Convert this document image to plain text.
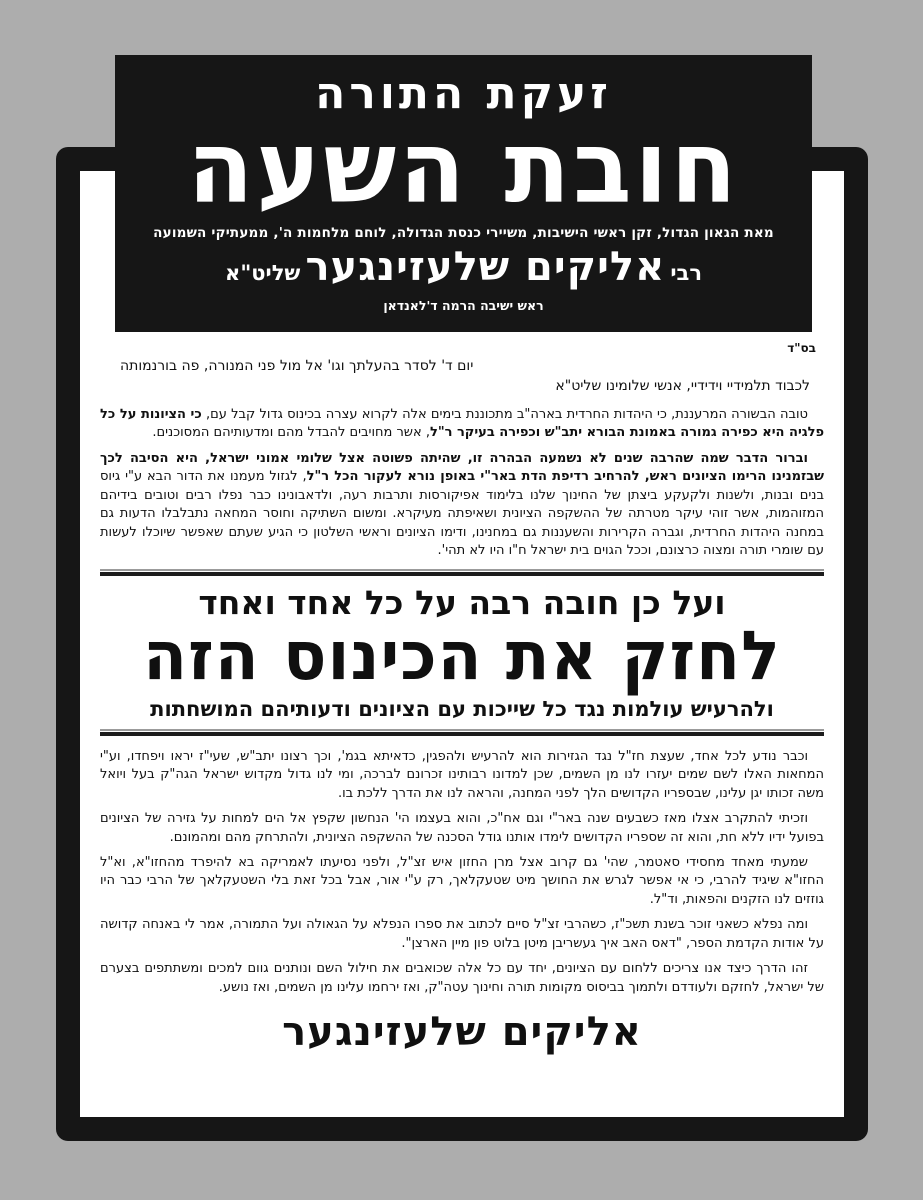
בס"ד
יום ד' לסדר בהעלתך וגו' אל מול פני המנורה, פה בורנמותה
לכבוד תלמידיי וידידיי, אנשי שלומינו שליט"א

טובה הבשורה המרעננת, כי היהדות החרדית בארה"ב מתכוננת בימים אלה לקרוא עצרה בכינוס גדול קבל עם, כי הציונות על כל פלגיה היא כפירה גמורה באמונת הבורא יתב"ש וכפירה בעיקר ר"ל, אשר מחויבים להבדל מהם ומדעותיהם המסוכנים.

וברור הדבר שמה שהרבה שנים לא נשמעה הבהרה זו, שהיתה פשוטה אצל שלומי אמוני ישראל, היא הסיבה לכך שבזמנינו הרימו הציונים ראש, להרחיב רדיפת הדת באר"י באופן נורא לעקור הכל ר"ל, לגזול מעמנו את הדור הבא ע"י גיוס בנים ובנות, ולשנות ולקעקע ביצתן של החינוך שלנו בלימוד אפיקורסות ותרבות רעה, ולדאבונינו כבר נפלו רבים וטובים בידיהם המזוהמות, אשר זוהי עיקר מטרתה של ההשקפה הציונית ושאיפתה מעיקרא. ומשום השתיקה וחוסר המחאה נתבלבלו הדעות גם במחנה היהדות החרדית, וגברה הקרירות והשעננות גם במחנינו, ודימו הציונים וראשי השלטון כי הגיע שעתם שאפשר שיוכלו לעשות עם שומרי תורה ומצוה כרצונם, וככל הגוים בית ישראל ח"ו היו לא תהי'.

ועל כן חובה רבה על כל אחד ואחד
לחזק את הכינוס הזה
ולהרעיש עולמות נגד כל שייכות עם הציונים ודעותיהם המושחתות

וכבר נודע לכל אחד, שעצת חז"ל נגד הגזירות הוא להרעיש ולהפגין, כדאיתא בגמ', וכך רצונו יתב"ש, שעי"ז יראו ויפחדו, וע"י המחאות האלו לשם שמים יעזרו לנו מן השמים, שכן למדונו רבותינו זכרונם לברכה, ומי לנו גדול מקדוש ישראל הגה"ק בעל ויואל משה זכותו יגן עלינו, שבספריו הקדושים הלך לפני המחנה, והראה לנו את הדרך ללכת בו.

וזכיתי להתקרב אצלו מאז כשבעים שנה באר"י וגם אח"כ, והוא בעצמו הי' הנחשון שקפץ אל הים למחות על גזירה של הציונים בפועל ידיו ללא חת, והוא זה שספריו הקדושים לימדו אותנו גודל הסכנה של ההשקפה הציונית, ולהתרחק מהם ומהמונם.

שמעתי מאחד מחסידי סאטמר, שהי' גם קרוב אצל מרן החזון איש זצ"ל, ולפני נסיעתו לאמריקה בא להיפרד מהחזו"א, וא"ל החזו"א שיגיד להרבי, כי אי אפשר לגרש את החושך מיט שטעקלאך, רק ע"י אור, אבל בכל זאת בלי השטעקלאך של הרבי כבר היו גוזזים לנו הזקנים והפאות, וד"ל.

ומה נפלא כשאני זוכר בשנת תשכ"ז, כשהרבי זצ"ל סיים לכתוב את ספרו הנפלא על הגאולה ועל התמורה, אמר לי באנחה קדושה על אודות הקדמת הספר, "דאס האב איך געשריבן מיטן בלוט פון מיין הארצן".

זהו הדרך כיצד אנו צריכים ללחום עם הציונים, יחד עם כל אלה שכואבים את חילול השם ונותנים גוום למכים ומשתתפים בצערם של ישראל, לחזקם ולעודדם ולתמוך בביסוס מקומות תורה וחינוך עטה"ק, ואז ירחמו עלינו מן השמים, ואז נושע.

אליקים שלעזינגער
זעקת התורה
חובת השעה
מאת הגאון הגדול, זקן ראשי הישיבות, משיירי כנסת הגדולה, לוחם מלחמות ה', ממעתיקי השמועה
רבי אליקים שלעזינגער שליט"א
ראש ישיבה הרמה ד'לאנדאן
